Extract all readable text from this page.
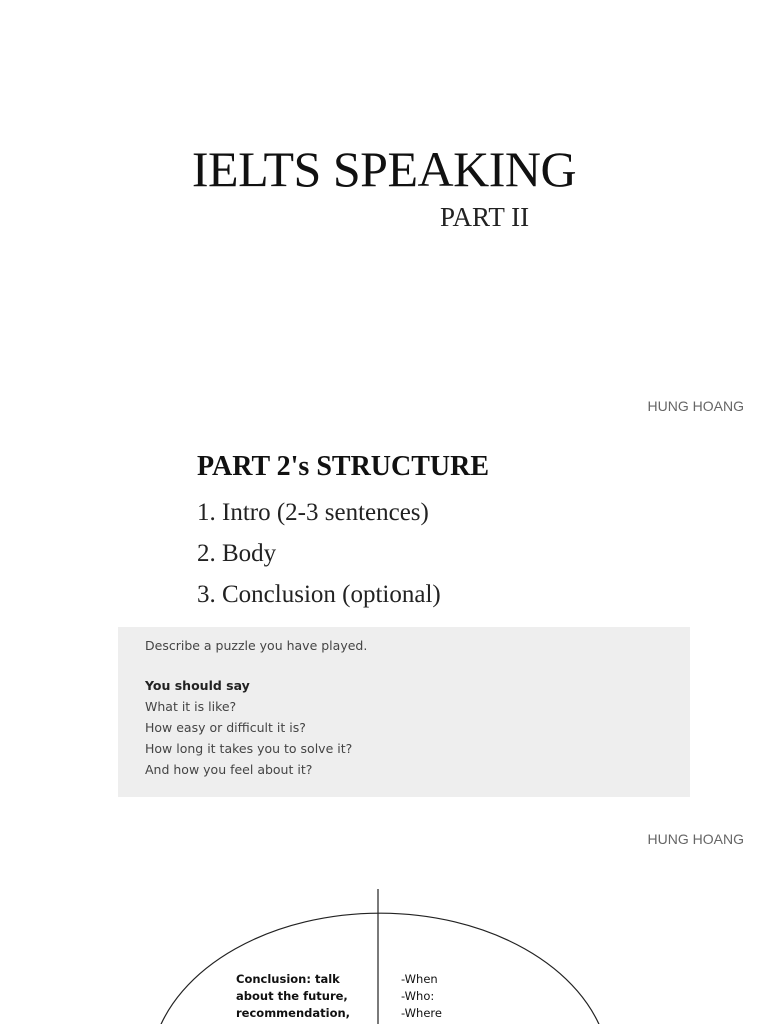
IELTS SPEAKING
PART II
HUNG HOANG
PART 2's STRUCTURE
1. Intro (2-3 sentences)
2. Body
3. Conclusion (optional)

Describe a puzzle you have played.

You should say

What it is like?
How easy or difficult it is?
How long it takes you to solve it?
And how you feel about it?
HUNG HOANG
Conclusion: talk about the future, recommendation,
-When
-Who:
-Where
